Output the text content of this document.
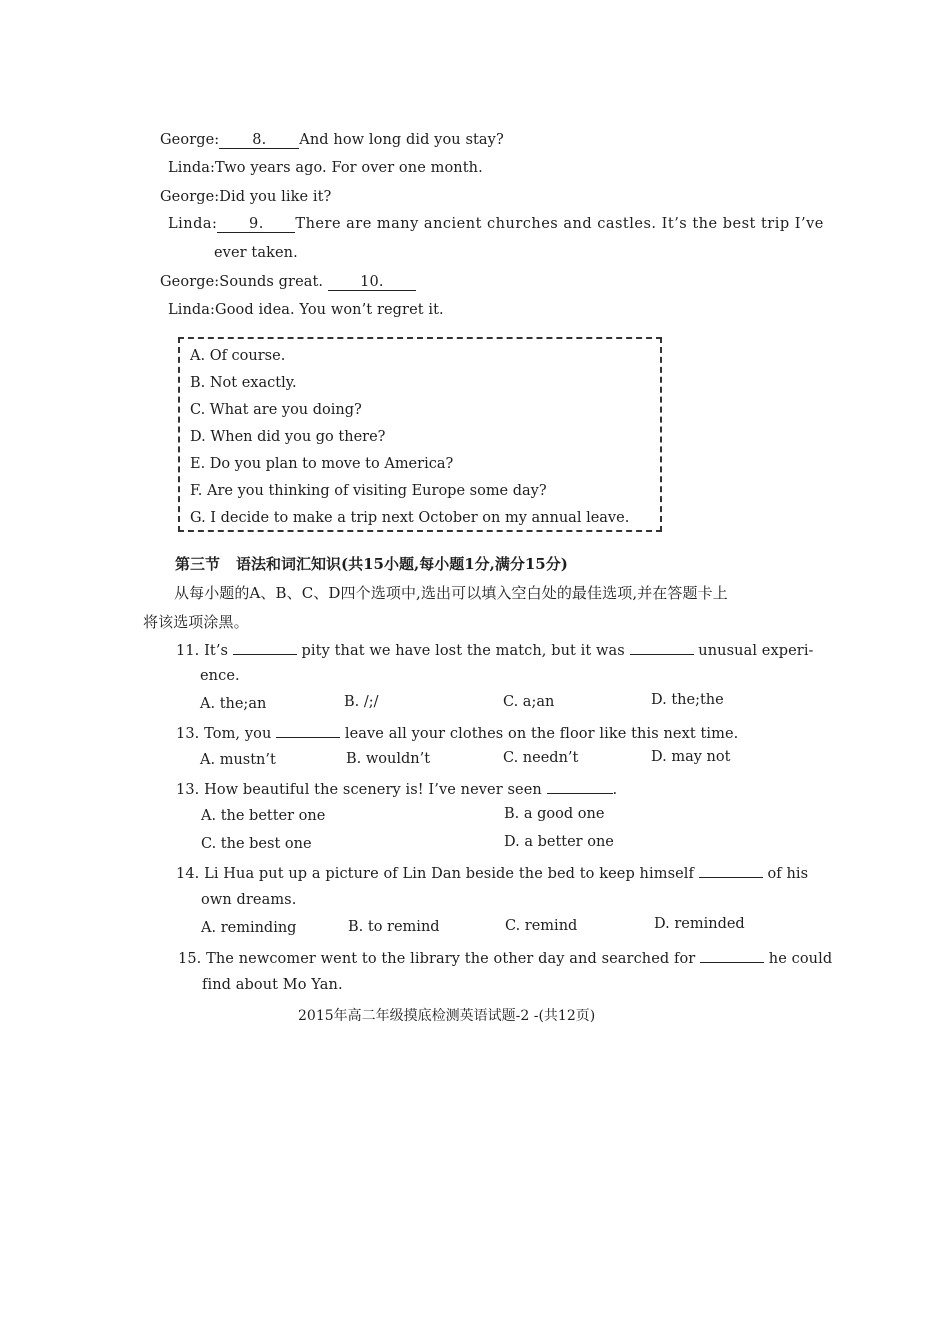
George: 8. And how long did you stay?
Linda:Two years ago. For over one month.
George:Did you like it?
Linda: 9. There are many ancient churches and castles. It’s the best trip I’ve
ever taken.
George:Sounds great.	10.
Linda:Good idea. You won’t regret it.
A. Of course.
B. Not exactly.
C. What are you doing?
D. When did you go there?
E. Do you plan to move to America?
F. Are you thinking of visiting Europe some day?
G. I decide to make a trip next October on my annual leave.
第三节 语法和词汇知识(共15小题,每小题1分,满分15分)
从每小题的A、B、C、D四个选项中,选出可以填入空白处的最佳选项,并在答题卡上
将该选项涂黑。
11. It’s	pity that we have lost the match, but it was	unusual experi-
ence.
A. the;an	B. /;/	C. a;an	D. the;the
13. Tom, you	leave all your clothes on the floor like this next time.
A. mustn’t	B. wouldn’t	C. needn’t	D. may not
13. How beautiful the scenery is! I’ve never seen	.
A. the better one	B. a good one
C. the best one	D. a better one
14. Li Hua put up a picture of Lin Dan beside the bed to keep himself	of his
own dreams.
A. reminding	B. to remind	C. remind	D. reminded
15. The newcomer went to the library the other day and searched for	he could
find about Mo Yan.
2015年高二年级摸底检测英语试题-2 -(共12页)
